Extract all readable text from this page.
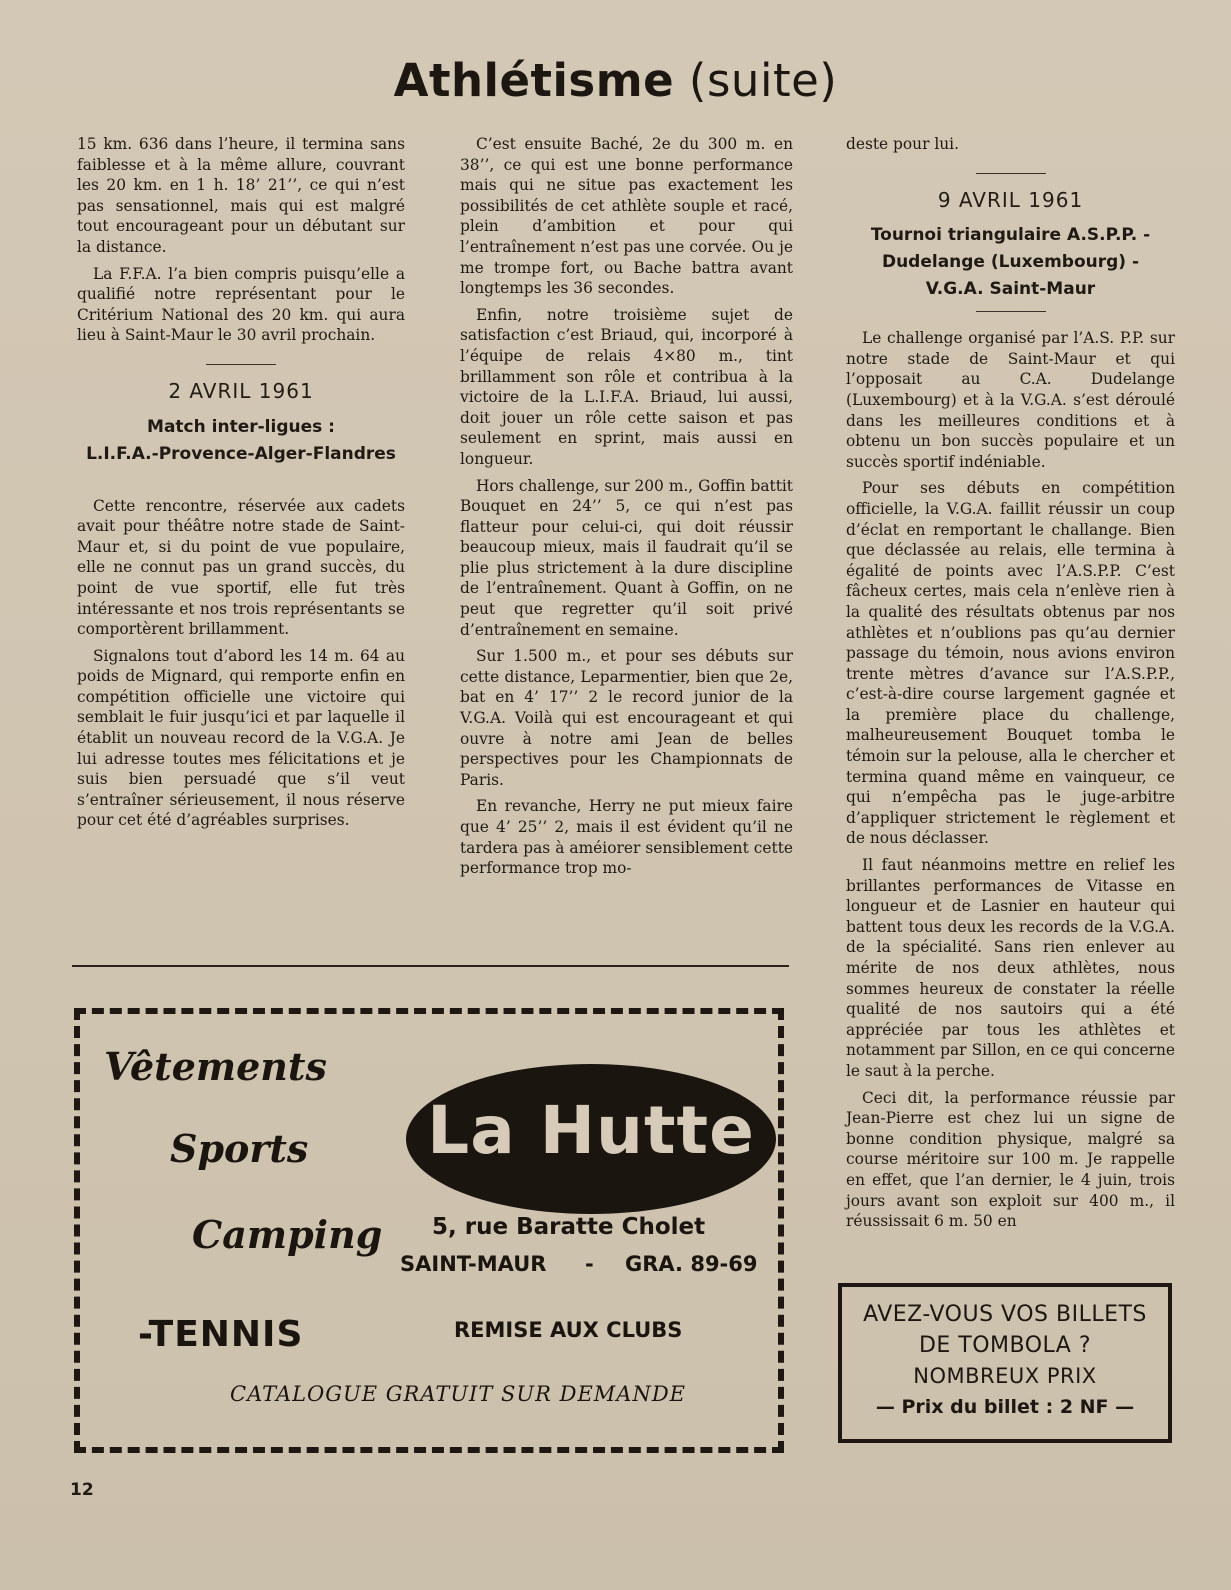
Athlétisme (suite)

15 km. 636 dans l’heure, il termina sans faiblesse et à la même allure, couvrant les 20 km. en 1 h. 18’ 21’’, ce qui n’est pas sensationnel, mais qui est malgré tout encourageant pour un débutant sur la distance.

La F.F.A. l’a bien compris puisqu’elle a qualifié notre représentant pour le Critérium National des 20 km. qui aura lieu à Saint-Maur le 30 avril prochain.

2 AVRIL 1961
Match inter-ligues :
L.I.F.A.-Provence-Alger-Flandres

Cette rencontre, réservée aux cadets avait pour théâtre notre stade de Saint-Maur et, si du point de vue populaire, elle ne connut pas un grand succès, du point de vue sportif, elle fut très intéressante et nos trois représentants se comportèrent brillamment.

Signalons tout d’abord les 14 m. 64 au poids de Mignard, qui remporte enfin en compétition officielle une victoire qui semblait le fuir jusqu’ici et par laquelle il établit un nouveau record de la V.G.A. Je lui adresse toutes mes félicitations et je suis bien persuadé que s’il veut s’entraîner sérieusement, il nous réserve pour cet été d’agréables surprises.

C’est ensuite Baché, 2e du 300 m. en 38’’, ce qui est une bonne performance mais qui ne situe pas exactement les possibilités de cet athlète souple et racé, plein d’ambition et pour qui l’entraînement n’est pas une corvée. Ou je me trompe fort, ou Bache battra avant longtemps les 36 secondes.

Enfin, notre troisième sujet de satisfaction c’est Briaud, qui, incorporé à l’équipe de relais 4×80 m., tint brillamment son rôle et contribua à la victoire de la L.I.F.A. Briaud, lui aussi, doit jouer un rôle cette saison et pas seulement en sprint, mais aussi en longueur.

Hors challenge, sur 200 m., Goffin battit Bouquet en 24’’ 5, ce qui n’est pas flatteur pour celui-ci, qui doit réussir beaucoup mieux, mais il faudrait qu’il se plie plus strictement à la dure discipline de l’entraînement. Quant à Goffin, on ne peut que regretter qu’il soit privé d’entraînement en semaine.

Sur 1.500 m., et pour ses débuts sur cette distance, Leparmentier, bien que 2e, bat en 4’ 17’’ 2 le record junior de la V.G.A. Voilà qui est encourageant et qui ouvre à notre ami Jean de belles perspectives pour les Championnats de Paris.

En revanche, Herry ne put mieux faire que 4’ 25’’ 2, mais il est évident qu’il ne tardera pas à améiorer sensiblement cette performance trop mo-

deste pour lui.

9 AVRIL 1961
Tournoi triangulaire A.S.P.P. -
Dudelange (Luxembourg) -
V.G.A. Saint-Maur

Le challenge organisé par l’A.S. P.P. sur notre stade de Saint-Maur et qui l’opposait au C.A. Dudelange (Luxembourg) et à la V.G.A. s’est déroulé dans les meilleures conditions et à obtenu un bon succès populaire et un succès sportif indéniable.

Pour ses débuts en compétition officielle, la V.G.A. faillit réussir un coup d’éclat en remportant le challange. Bien que déclassée au relais, elle termina à égalité de points avec l’A.S.P.P. C’est fâcheux certes, mais cela n’enlève rien à la qualité des résultats obtenus par nos athlètes et n’oublions pas qu’au dernier passage du témoin, nous avions environ trente mètres d’avance sur l’A.S.P.P., c’est-à-dire course largement gagnée et la première place du challenge, malheureusement Bouquet tomba le témoin sur la pelouse, alla le chercher et termina quand même en vainqueur, ce qui n’empêcha pas le juge-arbitre d’appliquer strictement le règlement et de nous déclasser.

Il faut néanmoins mettre en relief les brillantes performances de Vitasse en longueur et de Lasnier en hauteur qui battent tous deux les records de la V.G.A. de la spécialité. Sans rien enlever au mérite de nos deux athlètes, nous sommes heureux de constater la réelle qualité de nos sautoirs qui a été appréciée par tous les athlètes et notamment par Sillon, en ce qui concerne le saut à la perche.

Ceci dit, la performance réussie par Jean-Pierre est chez lui un signe de bonne condition physique, malgré sa course méritoire sur 100 m. Je rappelle en effet, que l’an dernier, le 4 juin, trois jours avant son exploit sur 400 m., il réussissait 6 m. 50 en

Vêtements
Sports
Camping
-TENNIS
La Hutte
5, rue Baratte Cholet
SAINT-MAUR - GRA. 89-69
REMISE AUX CLUBS
CATALOGUE GRATUIT SUR DEMANDE
AVEZ-VOUS VOS BILLETS
DE TOMBOLA ?
NOMBREUX PRIX
— Prix du billet : 2 NF —
12
